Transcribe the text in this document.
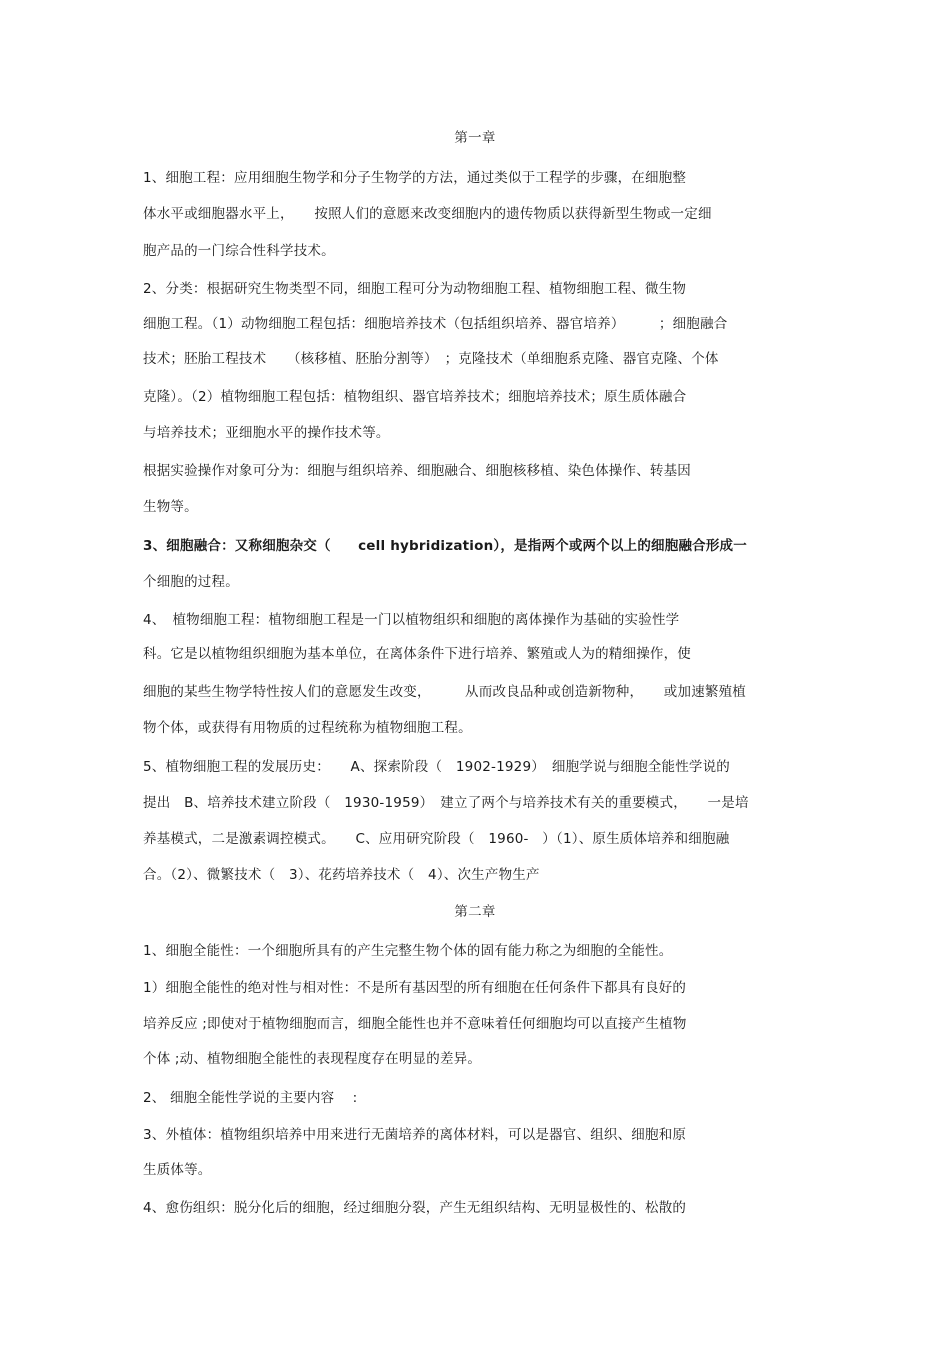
第一章
1、细胞工程：应用细胞生物学和分子生物学的方法，通过类似于工程学的步骤，在细胞整
体水平或细胞器水平上，　　按照人们的意愿来改变细胞内的遗传物质以获得新型生物或一定细
胞产品的一门综合性科学技术。
2、分类：根据研究生物类型不同，细胞工程可分为动物细胞工程、植物细胞工程、微生物
细胞工程。（1）动物细胞工程包括：细胞培养技术（包括组织培养、器官培养）　　　；细胞融合
技术；胚胎工程技术　　（核移植、胚胎分割等）　；克隆技术（单细胞系克隆、器官克隆、个体
克隆）。（2）植物细胞工程包括：植物组织、器官培养技术；细胞培养技术；原生质体融合
与培养技术；亚细胞水平的操作技术等。
根据实验操作对象可分为：细胞与组织培养、细胞融合、细胞核移植、染色体操作、转基因
生物等。
3、细胞融合：又称细胞杂交（　　cell hybridization），是指两个或两个以上的细胞融合形成一
个细胞的过程。
4、　植物细胞工程：植物细胞工程是一门以植物组织和细胞的离体操作为基础的实验性学
科。它是以植物组织细胞为基本单位，在离体条件下进行培养、繁殖或人为的精细操作，使
细胞的某些生物学特性按人们的意愿发生改变，　　　从而改良品种或创造新物种，　　或加速繁殖植
物个体，或获得有用物质的过程统称为植物细胞工程。
5、植物细胞工程的发展历史：　　A、探索阶段（　1902-1929）　细胞学说与细胞全能性学说的
提出　B、培养技术建立阶段（　1930-1959）　建立了两个与培养技术有关的重要模式，　　一是培
养基模式，二是激素调控模式。　　C、应用研究阶段（　1960-　）（1）、原生质体培养和细胞融
合。（2）、微繁技术（　3）、花药培养技术（　4）、次生产物生产
第二章
1、细胞全能性：一个细胞所具有的产生完整生物个体的固有能力称之为细胞的全能性。
1）细胞全能性的绝对性与相对性：不是所有基因型的所有细胞在任何条件下都具有良好的
培养反应 ;即使对于植物细胞而言，细胞全能性也并不意味着任何细胞均可以直接产生植物
个体 ;动、植物细胞全能性的表现程度存在明显的差异。
2、 细胞全能性学说的主要内容　 :
3、外植体：植物组织培养中用来进行无菌培养的离体材料，可以是器官、组织、细胞和原
生质体等。
4、愈伤组织：脱分化后的细胞，经过细胞分裂，产生无组织结构、无明显极性的、松散的
